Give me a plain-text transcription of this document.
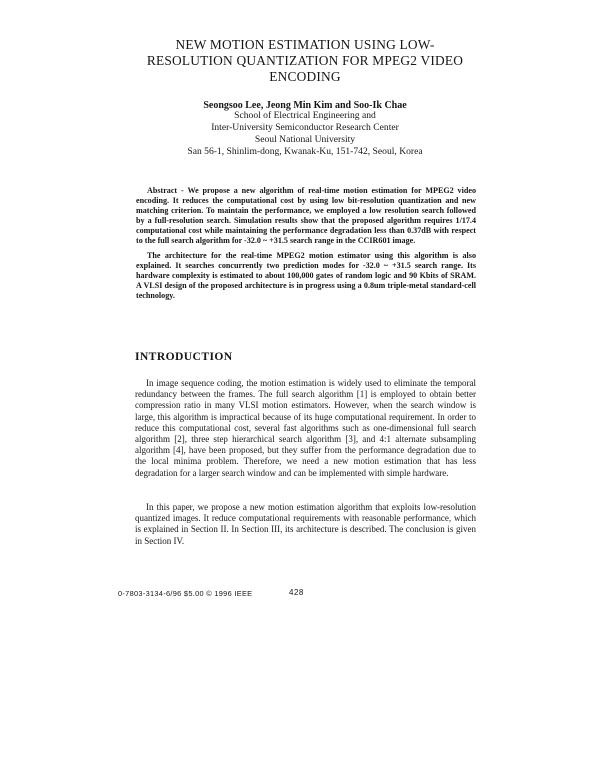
NEW MOTION ESTIMATION USING LOW-
RESOLUTION QUANTIZATION FOR MPEG2 VIDEO
ENCODING
Seongsoo Lee, Jeong Min Kim and Soo-Ik Chae
School of Electrical Engineering and
Inter-University Semiconductor Research Center
Seoul National University
San 56-1, Shinlim-dong, Kwanak-Ku, 151-742, Seoul, Korea

Abstract - We propose a new algorithm of real-time motion estimation for MPEG2 video encoding. It reduces the computational cost by using low bit-resolution quantization and new matching criterion. To maintain the performance, we employed a low resolution search followed by a full-resolution search. Simulation results show that the proposed algorithm requires 1/17.4 computational cost while maintaining the performance degradation less than 0.37dB with respect to the full search algorithm for -32.0 ~ +31.5 search range in the CCIR601 image.

The architecture for the real-time MPEG2 motion estimator using this algorithm is also explained. It searches concurrently two prediction modes for -32.0 ~ +31.5 search range. Its hardware complexity is estimated to about 100,000 gates of random logic and 90 Kbits of SRAM. A VLSI design of the proposed architecture is in progress using a 0.8um triple-metal standard-cell technology.

INTRODUCTION

In image sequence coding, the motion estimation is widely used to eliminate the temporal redundancy between the frames. The full search algorithm [1] is employed to obtain better compression ratio in many VLSI motion estimators. However, when the search window is large, this algorithm is impractical because of its huge computational requirement. In order to reduce this computational cost, several fast algorithms such as one-dimensional full search algorithm [2], three step hierarchical search algorithm [3], and 4:1 alternate subsampling algorithm [4], have been proposed, but they suffer from the performance degradation due to the local minima problem. Therefore, we need a new motion estimation that has less degradation for a larger search window and can be implemented with simple hardware.

In this paper, we propose a new motion estimation algorithm that exploits low-resolution quantized images. It reduce computational requirements with reasonable performance, which is explained in Section II. In Section III, its architecture is described. The conclusion is given in Section IV.

0-7803-3134-6/96 $5.00 © 1996 IEEE	428
